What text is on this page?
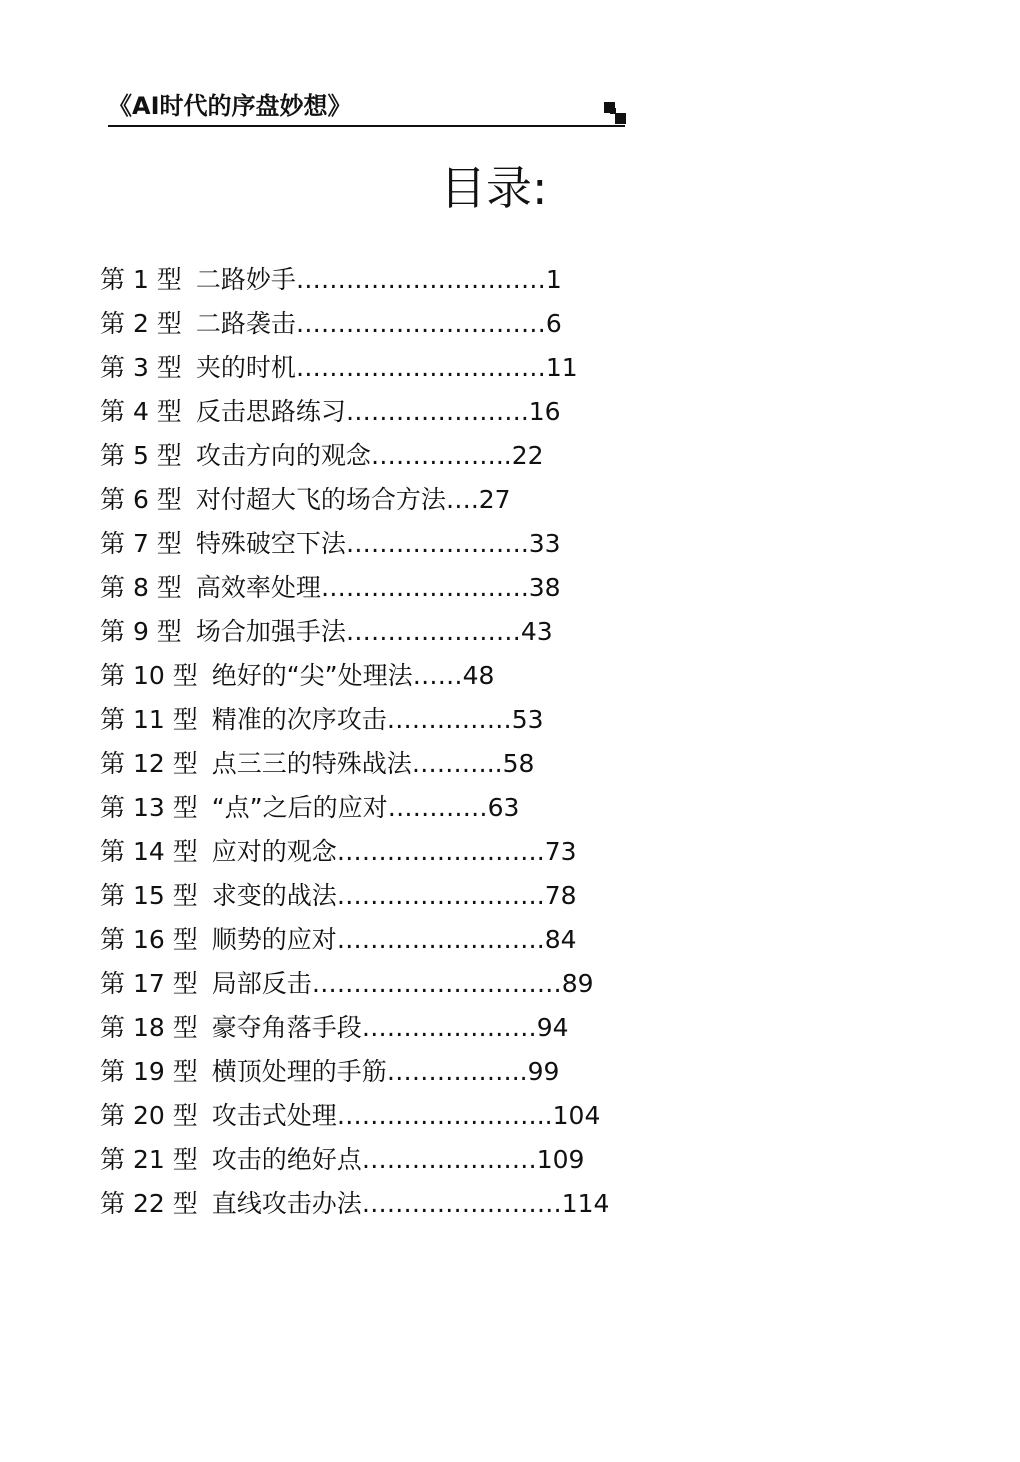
《AI时代的序盘妙想》
目录:
第 1 型 二路妙手…………………………1
第 2 型 二路袭击…………………………6
第 3 型 夹的时机…………………………11
第 4 型 反击思路练习………………….16
第 5 型 攻击方向的观念……………..22
第 6 型 对付超大飞的场合方法….27
第 7 型 特殊破空下法………………….33
第 8 型 高效率处理…………………….38
第 9 型 场合加强手法…………………43
第 10 型 绝好的“尖”处理法……48
第 11 型 精准的次序攻击……………53
第 12 型 点三三的特殊战法………..58
第 13 型 “点”之后的应对…………63
第 14 型 应对的观念…………………….73
第 15 型 求变的战法…………………….78
第 16 型 顺势的应对…………………….84
第 17 型 局部反击…………………………89
第 18 型 豪夺角落手段…………………94
第 19 型 横顶处理的手筋……………..99
第 20 型 攻击式处理……………………..104
第 21 型 攻击的绝好点…………………109
第 22 型 直线攻击办法……………………114
